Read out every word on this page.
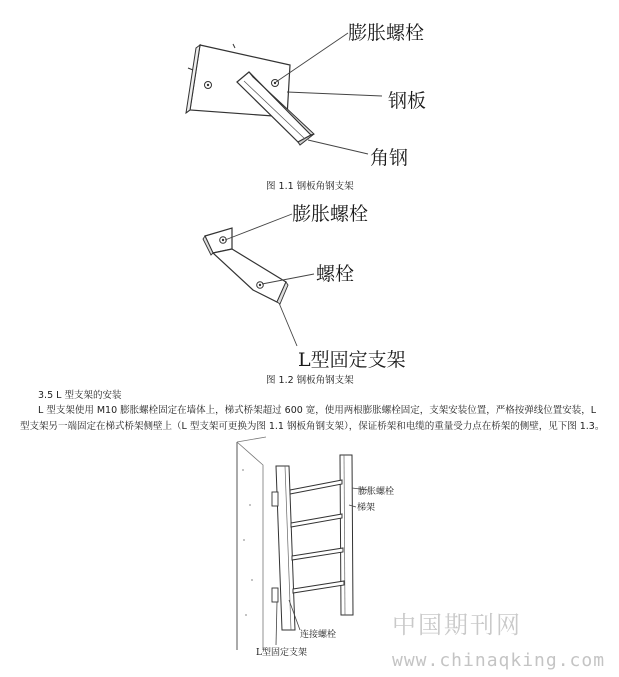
膨胀螺栓
钢板
角钢
图 1.1 钢板角钢支架
膨胀螺栓
螺栓
L型固定支架
图 1.2 钢板角钢支架
3.5 L 型支架的安装
L 型支架使用 M10 膨胀螺栓固定在墙体上，梯式桥架超过 600 宽，使用两根膨胀螺栓固定，支架安装位置，严格按弹线位置安装，L 型支架另一端固定在梯式桥架侧壁上（L 型支架可更换为图 1.1 钢板角钢支架），保证桥架和电缆的重量受力点在桥架的侧壁，见下图 1.3。
膨胀螺栓
梯架
连接螺栓
L型固定支架
中国期刊网
www.chinaqking.com
